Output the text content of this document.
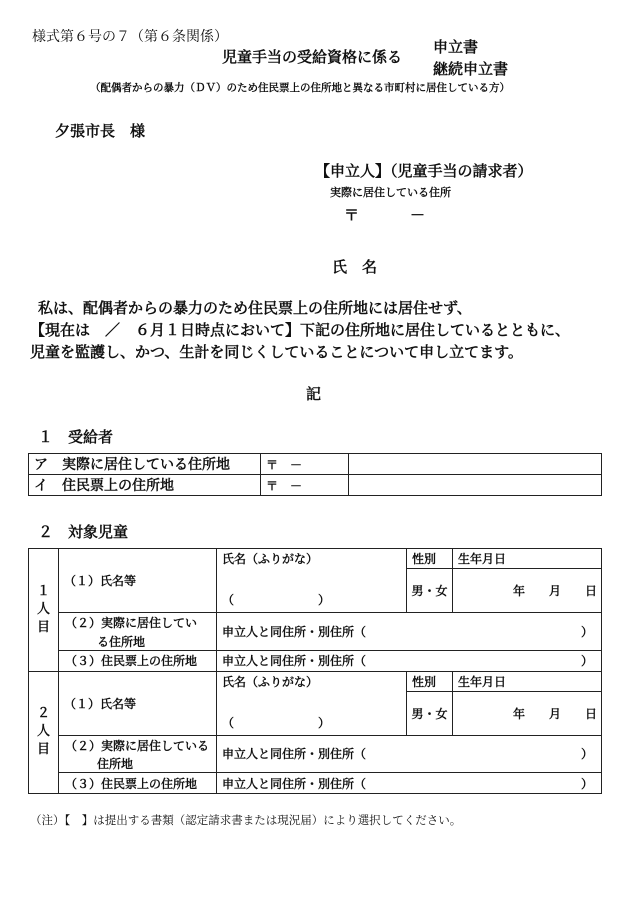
様式第６号の７（第６条関係）
児童手当の受給資格に係る
申立書
継続申立書
（配偶者からの暴力（ＤＶ）のため住民票上の住所地と異なる市町村に居住している方）
夕張市長　様
【申立人】（児童手当の請求者）
実際に居住している住所
〒	－
氏　名
私は、配偶者からの暴力のため住民票上の住所地には居住せず、
【現在は　／　６月１日時点において】下記の住所地に居住しているとともに、
児童を監護し、かつ、生計を同じくしていることについて申し立てます。
記
１　受給者
ア　実際に居住している住所地	〒　－	
イ　住民票上の住所地	〒　－	
２　対象児童
１
人
目	（１）氏名等	氏名（ふりがな）	性別	生年月日
		（　　　　　　　）	男・女	年　　月　　日
	（２）実際に居住してい	申立人と同住所・別住所（ ）		

	る住所地			
	（３）住民票上の住所地	申立人と同住所・別住所（ ）		

２
人
目	（１）氏名等	氏名（ふりがな）	性別	生年月日
		（　　　　　　　）	男・女	年　　月　　日
	（２）実際に居住している	申立人と同住所・別住所（ ）		

	住所地			
	（３）住民票上の住所地	申立人と同住所・別住所（ ）		
（注）【　】は提出する書類（認定請求書または現況届）により選択してください。
